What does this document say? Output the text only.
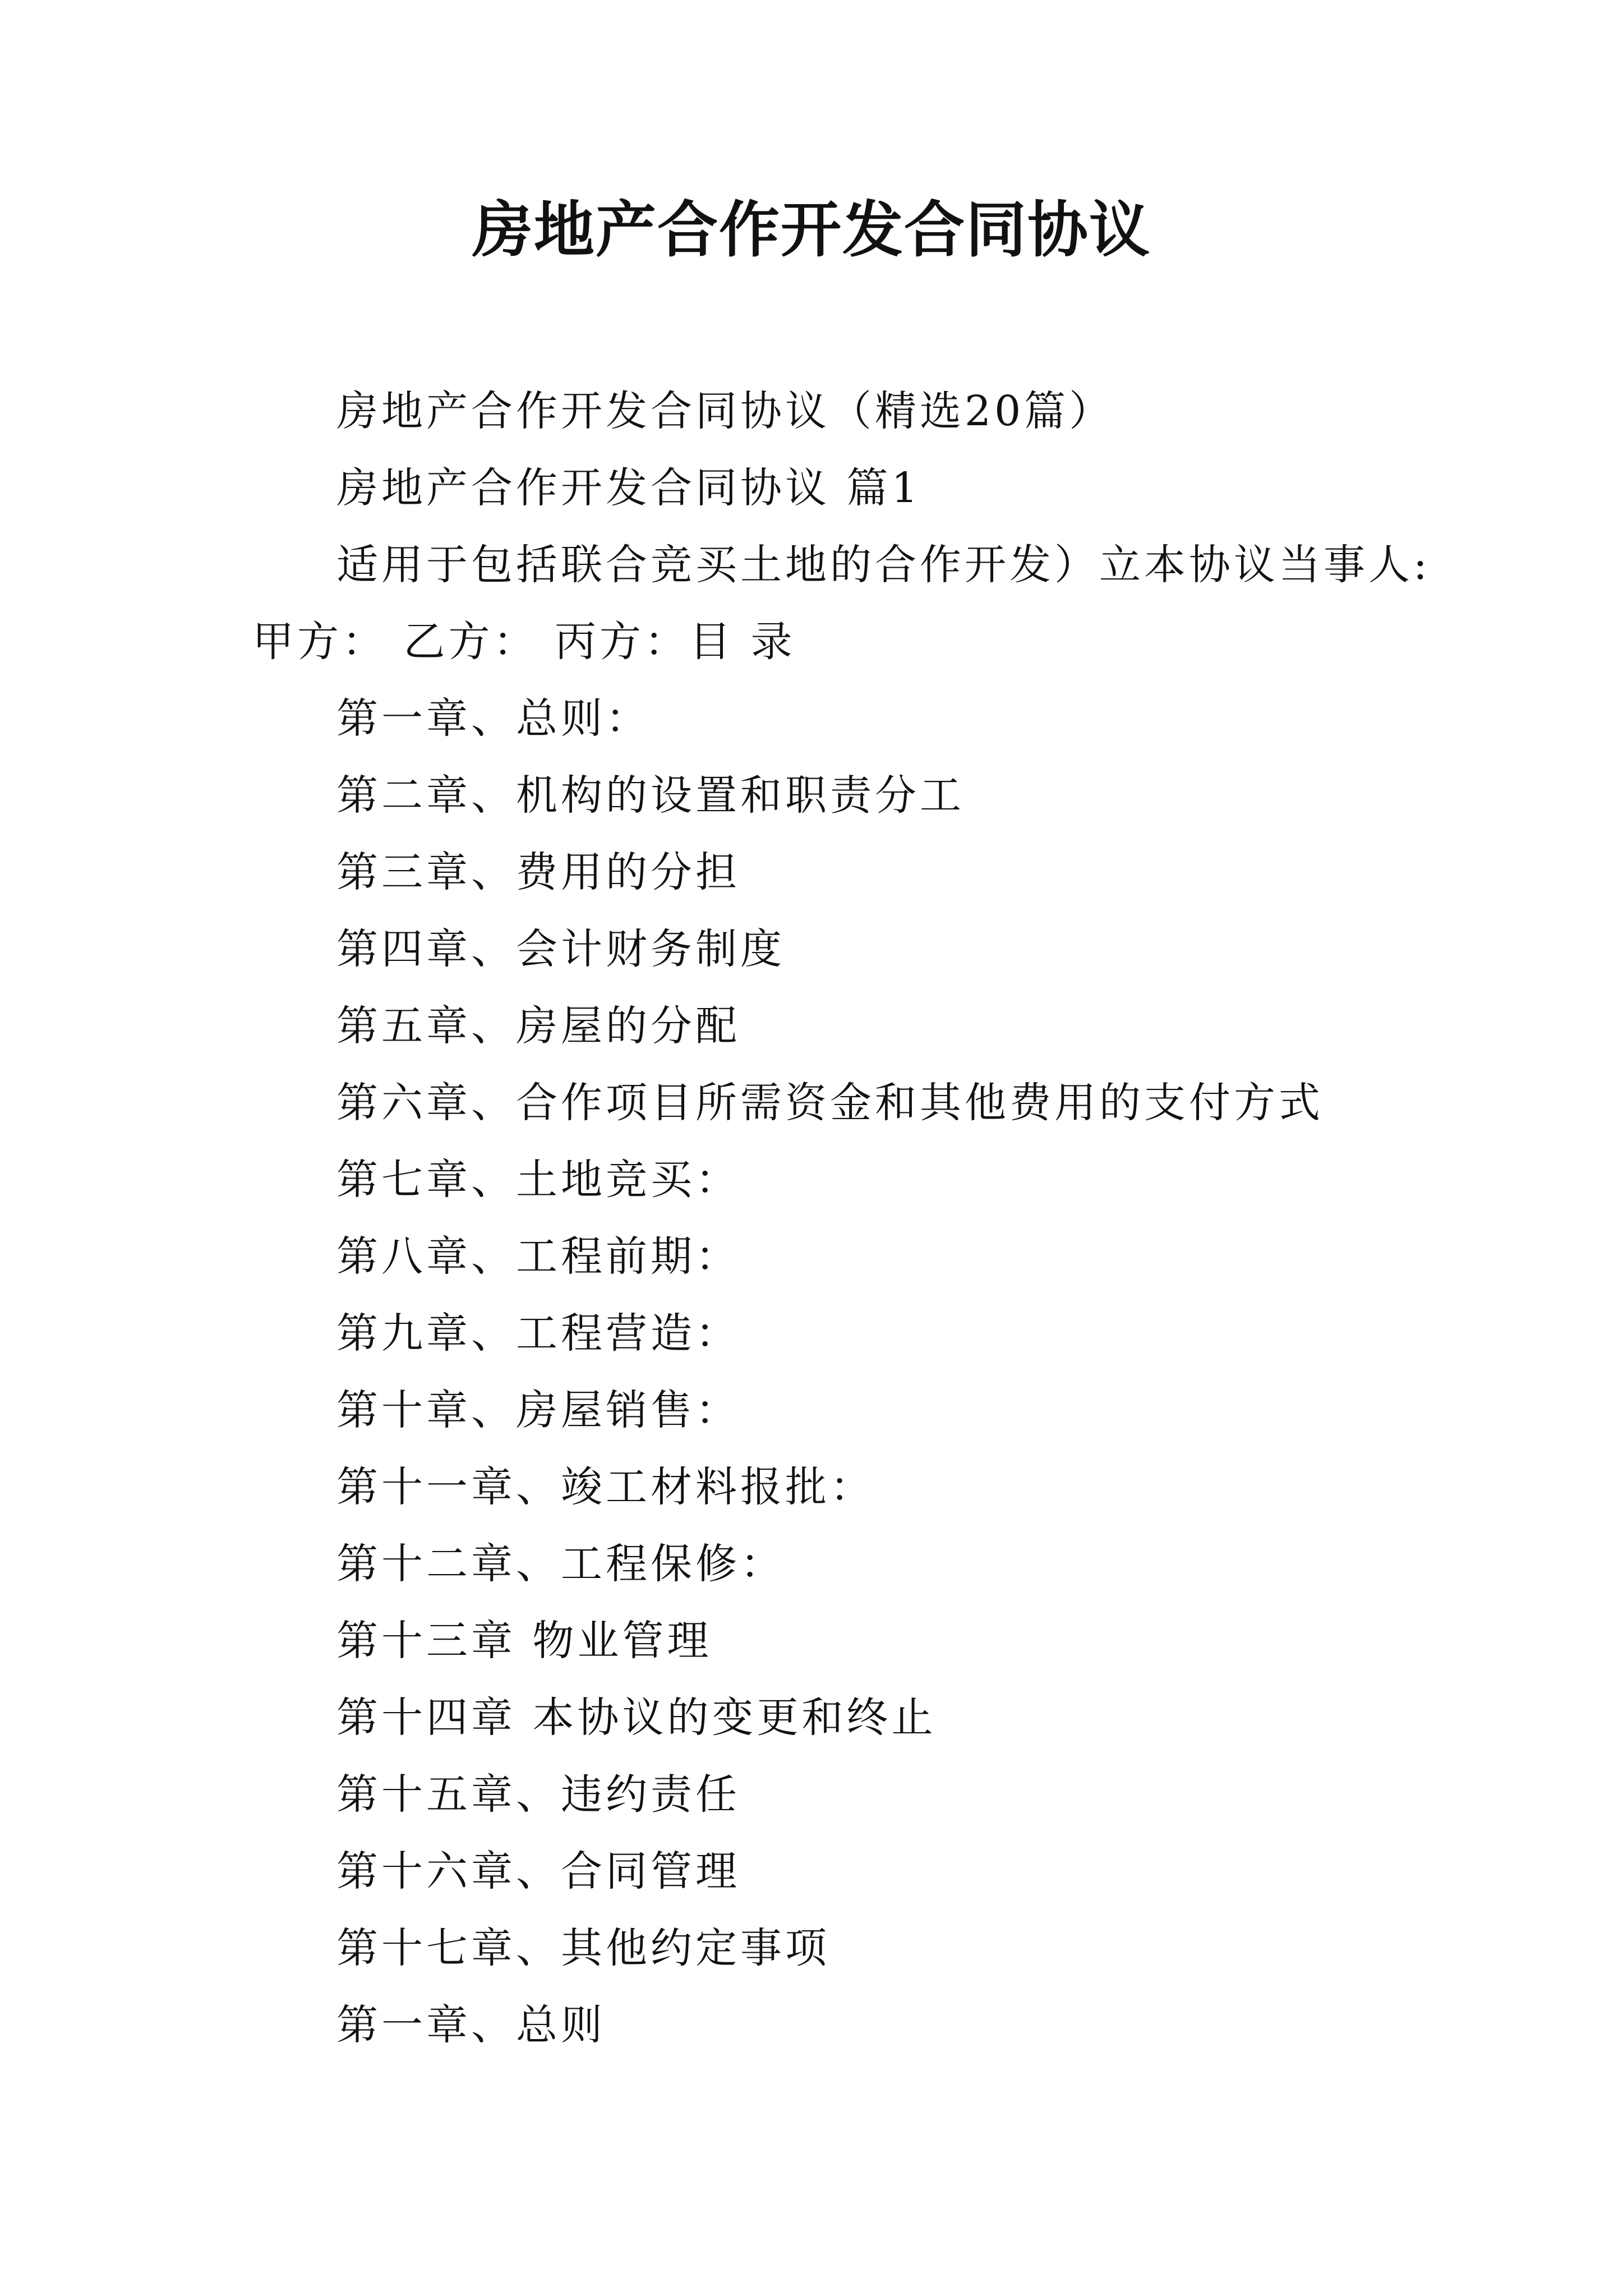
房地产合作开发合同协议
房地产合作开发合同协议（精选20篇）
房地产合作开发合同协议 篇1
适用于包括联合竞买土地的合作开发）立本协议当事人:
甲方： 乙方： 丙方：目 录
第一章、总则：
第二章、机构的设置和职责分工
第三章、费用的分担
第四章、会计财务制度
第五章、房屋的分配
第六章、合作项目所需资金和其他费用的支付方式
第七章、土地竞买：
第八章、工程前期：
第九章、工程营造：
第十章、房屋销售：
第十一章、竣工材料报批：
第十二章、工程保修：
第十三章 物业管理
第十四章 本协议的变更和终止
第十五章、违约责任
第十六章、合同管理
第十七章、其他约定事项
第一章、总则
